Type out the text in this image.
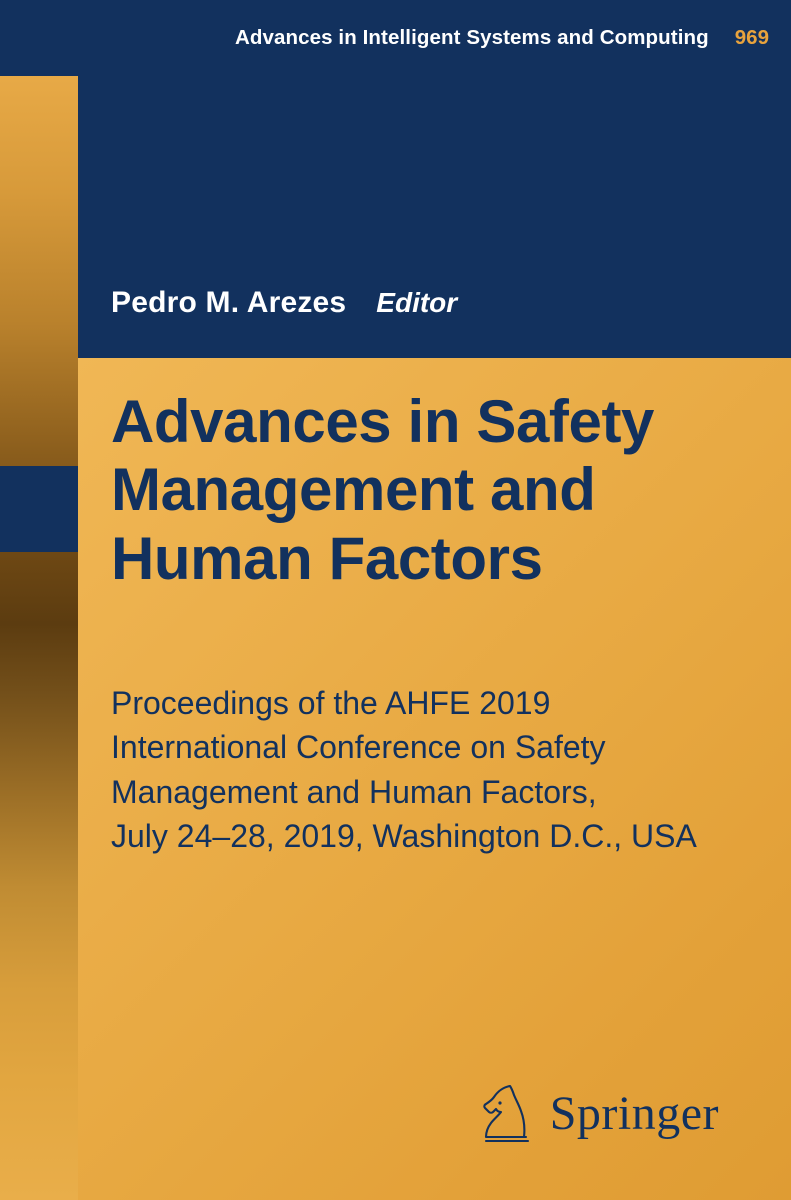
Advances in Intelligent Systems and Computing 969
Pedro M. Arezes Editor
Advances in Safety
Management and
Human Factors

Proceedings of the AHFE 2019
International Conference on Safety
Management and Human Factors,
July 24–28, 2019, Washington D.C., USA

Springer
